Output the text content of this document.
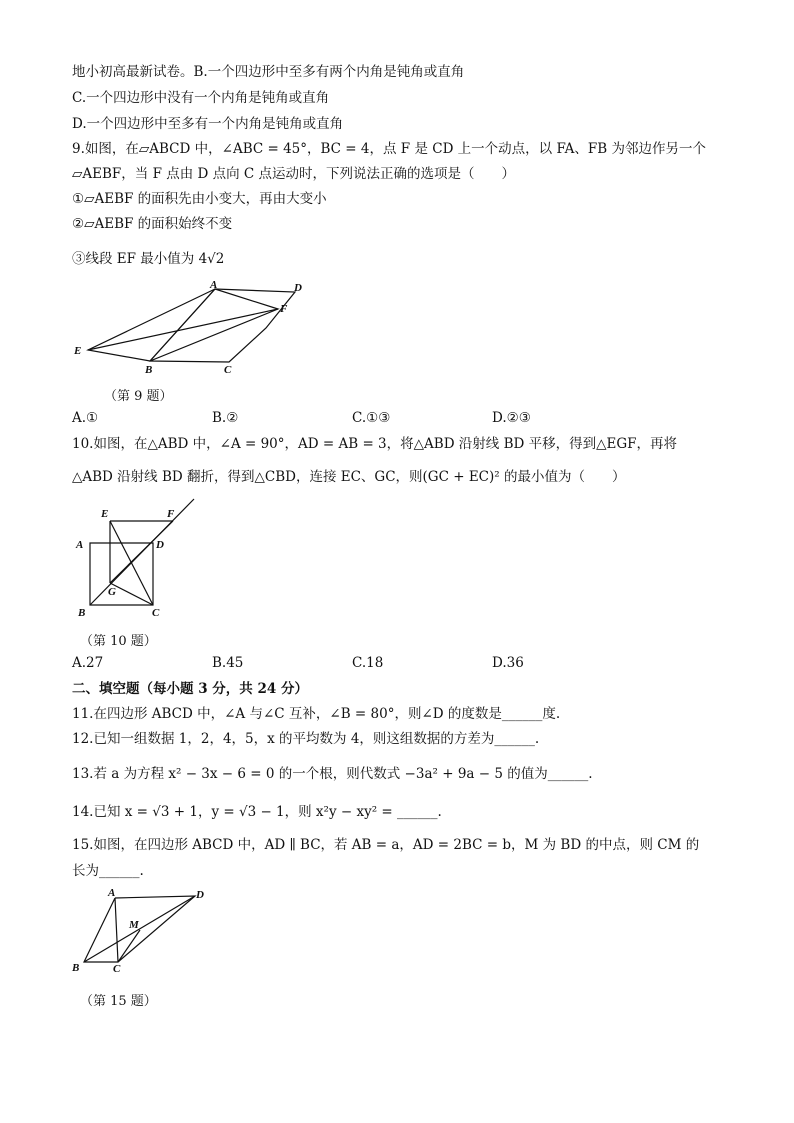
地小初高最新试卷。B.一个四边形中至多有两个内角是钝角或直角
C.一个四边形中没有一个内角是钝角或直角
D.一个四边形中至多有一个内角是钝角或直角
9.如图，在▱ABCD 中，∠ABC = 45°，BC = 4，点 F 是 CD 上一个动点，以 FA、FB 为邻边作另一个
▱AEBF，当 F 点由 D 点向 C 点运动时，下列说法正确的选项是（　　）
①▱AEBF 的面积先由小变大，再由大变小
②▱AEBF 的面积始终不变
③线段 EF 最小值为 4√2
A	D
F
E
B	C
（第 9 题）
A.①	B.②	C.①③	D.②③
10.如图，在△ABD 中，∠A = 90°，AD = AB = 3，将△ABD 沿射线 BD 平移，得到△EGF，再将
△ABD 沿射线 BD 翻折，得到△CBD，连接 EC、GC，则(GC + EC)² 的最小值为（　　）
E	F
A	D
G
B	C
（第 10 题）
A.27	B.45	C.18	D.36
二、填空题（每小题 3 分，共 24 分）
11.在四边形 ABCD 中，∠A 与∠C 互补，∠B = 80°，则∠D 的度数是______度.
12.已知一组数据 1，2，4，5，x 的平均数为 4，则这组数据的方差为______.
13.若 a 为方程 x² − 3x − 6 = 0 的一个根，则代数式 −3a² + 9a − 5 的值为______.
14.已知 x = √3 + 1，y = √3 − 1，则 x²y − xy² = ______.
15.如图，在四边形 ABCD 中，AD ∥ BC，若 AB = a，AD = 2BC = b，M 为 BD 的中点，则 CM 的
长为______.
A	D
M
B	C
（第 15 题）
